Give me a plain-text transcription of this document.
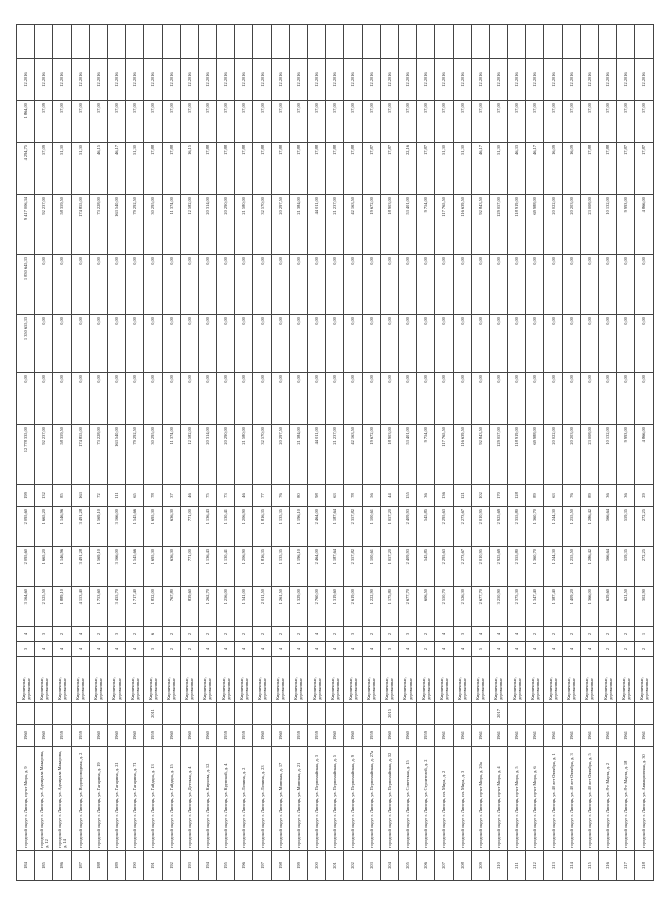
184	городской округ г. Липецк, пр-кт Мира, д. 9	1960		Кирпичные, деревянные	3	4	3 164,60	2 095,60	2 095,60	199	12 778 335,00	0,00	1 350 655,33	1 830 645,33	9 417 006,34	4 294,75	1 864,00	12.2016	
185	городской округ г. Липецк, ул. Адмирала Макарова, д. 12	1960		Кирпичные, деревянные	4	3	2 525,50	1 665,20	1 665,20	132	92 237,00	0,00	0,00	0,00	92 237,00	57,09	57,09	12.2016	
186	городской округ г. Липецк, ул. Адмирала Макарова, д. 14	1959		Кирпичные, деревянные	4	2	1 889,10	1 146,96	1 146,96	85	58 359,50	0,00	0,00	0,00	58 359,50	51,30	57,00	12.2016	
187	городской округ г. Липецк, ул. Водопроводная, д. 2	1959		Кирпичные, деревянные	4	4	4 153,40	3 491,28	3 491,28	163	174 855,00	0,00	0,00	0,00	174 855,00	51,30	57,00	12.2016	
188	городской округ г. Липецк, ул. Гагарина, д. 19	1960		Кирпичные, деревянные	4	2	1 753,60	1 569,10	1 569,10	72	73 228,00	0,00	0,00	0,00	73 228,00	46,15	57,00	12.2016	
189	городской округ г. Липецк, ул. Гагарина, д. 21	1960		Кирпичные, деревянные	4	3	3 455,70	3 166,00	3 166,00	111	163 540,00	0,00	0,00	0,00	163 540,00	46,17	57,00	12.2016	
190	городской округ г. Липецк, ул. Гагарина, д. 71	1960		Кирпичные, деревянные	4	2	1 717,40	1 545,66	1 545,66	65	79 292,50	0,00	0,00	0,00	79 292,50	51,30	57,00	12.2016	
191	городской округ г. Липецк, ул. Гайдара, д. 13	1959	2011	Кирпичные, деревянные	3	6	1 832,00	1 695,30	1 695,30	78	30 295,00	0,00	0,00	0,00	30 295,00	17,88	57,00	12.2016	
192	городской округ г. Липецк, ул. Гайдара, д. 15	1960		Кирпичные, деревянные	2	2	767,80	636,30	636,30	37	11 374,00	0,00	0,00	0,00	11 374,00	17,88	57,00	12.2016	
193	городской округ г. Липецк, ул. Детская, д. 4	1960		Кирпичные, деревянные	2	2	839,60	771,00	771,00	46	12 582,00	0,00	0,00	0,00	12 582,00	16,15	57,00	12.2016	
194	городской округ г. Липецк, ул. Кирхова, д. 12	1960		Кирпичные, деревянные	4	2	1 262,70	1 136,43	1 136,43	75	20 314,00	0,00	0,00	0,00	20 314,00	17,88	57,00	12.2016	
195	городской округ г. Липецк, ул. Крупской, д. 4	1959		Кирпичные, деревянные	4	2	1 256,00	1 130,41	1 130,41	73	20 290,00	0,00	0,00	0,00	20 290,00	17,88	57,00	12.2016	
196	городской округ г. Липецк, ул. Ленина, д. 2	1959		Кирпичные, деревянные	4	2	1 341,00	1 206,90	1 206,90	46	21 580,00	0,00	0,00	0,00	21 580,00	17,88	57,00	12.2016	
197	городской округ г. Липецк, ул. Ленина, д. 23	1960		Кирпичные, деревянные	4	2	2 011,50	1 816,35	1 816,35	77	32 570,00	0,00	0,00	0,00	32 570,00	17,88	57,00	12.2016	
198	городской округ г. Липецк, ул. Минская, д. 17	1960		Кирпичные, деревянные	4	2	1 261,50	1 135,35	1 135,35	76	20 297,50	0,00	0,00	0,00	20 297,50	17,88	57,00	12.2016	
199	городской округ г. Липецк, ул. Минская, д. 21	1959		Кирпичные, деревянные	4	2	1 329,00	1 196,10	1 196,10	80	21 384,00	0,00	0,00	0,00	21 384,00	17,88	57,00	12.2016	
200	городской округ г. Липецк, ул. Первомайская, д. 3	1959		Кирпичные, деревянные	4	4	2 760,00	2 464,00	2 464,00	98	44 011,00	0,00	0,00	0,00	44 011,00	17,88	57,00	12.2016	
201	городской округ г. Липецк, ул. Первомайская, д. 5	1960		Кирпичные, деревянные	4	2	1 319,60	1 187,64	1 187,64	63	21 237,00	0,00	0,00	0,00	21 237,00	17,88	57,00	12.2016	
202	городской округ г. Липецк, ул. Первомайская, д. 9	1960		Кирпичные, деревянные	4	3	2 619,00	2 357,82	2 357,82	78	42 163,50	0,00	0,00	0,00	42 163,50	17,88	57,00	12.2016	
203	городской округ г. Липецк, ул. Первомайская, д. 27а	1959		Кирпичные, деревянные	4	2	1 222,90	1 100,61	1 100,61	56	19 672,00	0,00	0,00	0,00	19 672,00	17,87	57,00	12.2016	
204	городской округ г. Липецк, ул. Первомайская, д. 32	1960	2015	Кирпичные, деревянные	3	2	1 175,80	1 057,20	1 057,20	44	18 903,00	0,00	0,00	0,00	18 903,00	17,87	57,00	12.2016	
205	городской округ г. Липецк, ул. Советская, д. 15	1960		Кирпичные, деревянные	4	3	2 677,70	2 409,93	2 409,93	155	53 401,00	0,00	0,00	0,00	53 401,00	22,16	57,00	12.2016	
206	городской округ г. Липецк, ул. Строителей, д. 2	1959		Кирпичные, деревянные	2	2	606,50	545,85	545,85	36	9 754,00	0,00	0,00	0,00	9 754,00	17,87	57,00	12.2016	
207	городской округ г. Липецк, пл. Мира, д. 2	1961		Кирпичные, деревянные	4	4	2 550,70	2 295,63	2 295,63	136	117 765,50	0,00	0,00	0,00	117 765,50	51,30	57,00	12.2016	
208	городской округ г. Липецк, пл. Мира, д. 3	1961		Кирпичные, деревянные	4	3	2 526,30	2 273,67	2 273,67	121	116 639,50	0,00	0,00	0,00	116 639,50	51,30	57,00	12.2016	
209	городской округ г. Липецк, пр-кт Мира, д. 20а	1961		Кирпичные, деревянные	5	4	2 677,70	2 010,95	2 010,95	102	92 843,50	0,00	0,00	0,00	92 843,50	46,17	57,00	12.2016	
210	городской округ г. Липецк, пр-кт Мира, д. 4	1961	2017	Кирпичные, деревянные	4	4	3 250,90	2 925,69	2 925,69	170	129 057,00	0,00	0,00	0,00	129 057,00	51,30	57,00	12.2016	
211	городской округ г. Липецк, пр-кт Мира, д. 5	1961		Кирпичные, деревянные	4	4	2 375,30	2 355,80	2 355,80	128	118 919,00	0,00	0,00	0,00	118 919,00	46,33	57,00	12.2016	
212	городской округ г. Липецк, пр-кт Мира, д. 6	1961		Кирпичные, деревянные	4	2	1 347,40	1 360,70	1 360,70	89	69 988,00	0,00	0,00	0,00	69 988,00	46,17	57,00	12.2016	
213	городской округ г. Липецк, ул. 40 лет Октября, д. 1	1961		Кирпичные, деревянные	4	2	1 387,40	1 244,30	1 244,30	63	20 022,00	0,00	0,00	0,00	20 022,00	16,09	57,00	12.2016	
214	городской округ г. Липецк, ул. 40 лет Октября, д. 3	1961		Кирпичные, деревянные	4	2	1 409,20	1 255,50	1 255,50	76	20 203,00	0,00	0,00	0,00	20 203,00	16,09	57,00	12.2016	
215	городской округ г. Липецк, ул. 40 лет Октября, д. 5	1961		Кирпичные, деревянные	4	2	1 366,00	1 286,42	1 286,42	89	23 008,00	0,00	0,00	0,00	23 008,00	17,88	57,00	12.2016	
216	городской округ г. Липецк, ул. 8-е Марта, д. 2	1961		Кирпичные, деревянные	2	2	629,60	566,64	566,64	36	10 132,00	0,00	0,00	0,00	10 132,00	17,88	57,00	12.2016	
217	городской округ г. Липецк, ул. 8-е Марта, д. 18	1961		Кирпичные, деревянные	2	2	621,50	559,35	559,35	36	9 993,00	0,00	0,00	0,00	9 993,00	17,87	57,00	12.2016	
218	городской округ г. Липецк, ул. Авиационная, д. 30	1961		Кирпичные, деревянные	2	1	302,90	272,25	272,25	29	4 866,00	0,00	0,00	0,00	4 866,00	17,87	57,00	12.2016	
